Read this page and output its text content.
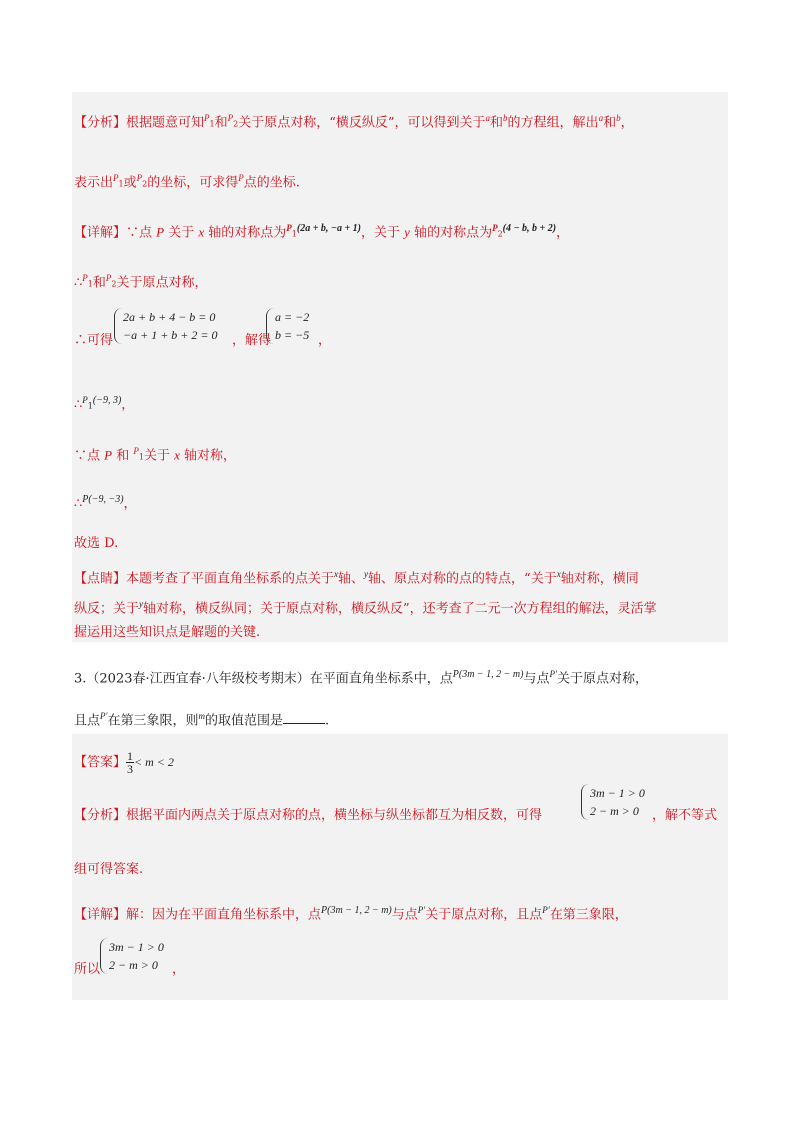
【分析】根据题意可知$^P$1和$^P$2关于原点对称，“横反纵反”，可以得到关于$^a$和$^b$的方程组，解出$^a$和$^b$，
表示出$^P$1或$^P$2的坐标，可求得$^P$点的坐标.
【详解】∵点 P 关于 x 轴的对称点为$^P1^{(2a + b, -a + 1)}$，关于 y 轴的对称点为$^P2^{(4 - b, b + 2)}$，
∴$^P$1和$^P$2关于原点对称，
∴可得
2a + b + 4 − b = 0
−a + 1 + b + 2 = 0 ，解得
a = −2
b = −5 ，
$\therefore^P1^{(-9, 3)}$，
∵点 P 和 $^P$1关于 x 轴对称，
∴$^{P(-9, -3)}$，
故选 D.
【点睛】本题考查了平面直角坐标系的点关于$^x$轴、$^y$轴、原点对称的点的特点，“关于$^x$轴对称，横同
纵反；关于$^y$轴对称，横反纵同；关于原点对称，横反纵反”，还考查了二元一次方程组的解法，灵活掌
握运用这些知识点是解题的关键.
3.（2023春·江西宜春·八年级校考期末）在平面直角坐标系中，点$^{P(3m - 1, 2 - m)}$与点$^{P'}$关于原点对称，
且点$^{P'}$在第三象限，则$^m$的取值范围是	.
【答案】 $\frac{1}{3} < m < 2$
【分析】根据平面内两点关于原点对称的点，横坐标与纵坐标都互为相反数，可得
3m − 1 > 0
2 − m > 0	，解不等式
组可得答案.
【详解】解：因为在平面直角坐标系中，点$^{P(3m - 1, 2 - m)}$与点$^{P'}$关于原点对称，且点$^{P'}$在第三象限，
所以
3m − 1 > 0
2 − m > 0	，
